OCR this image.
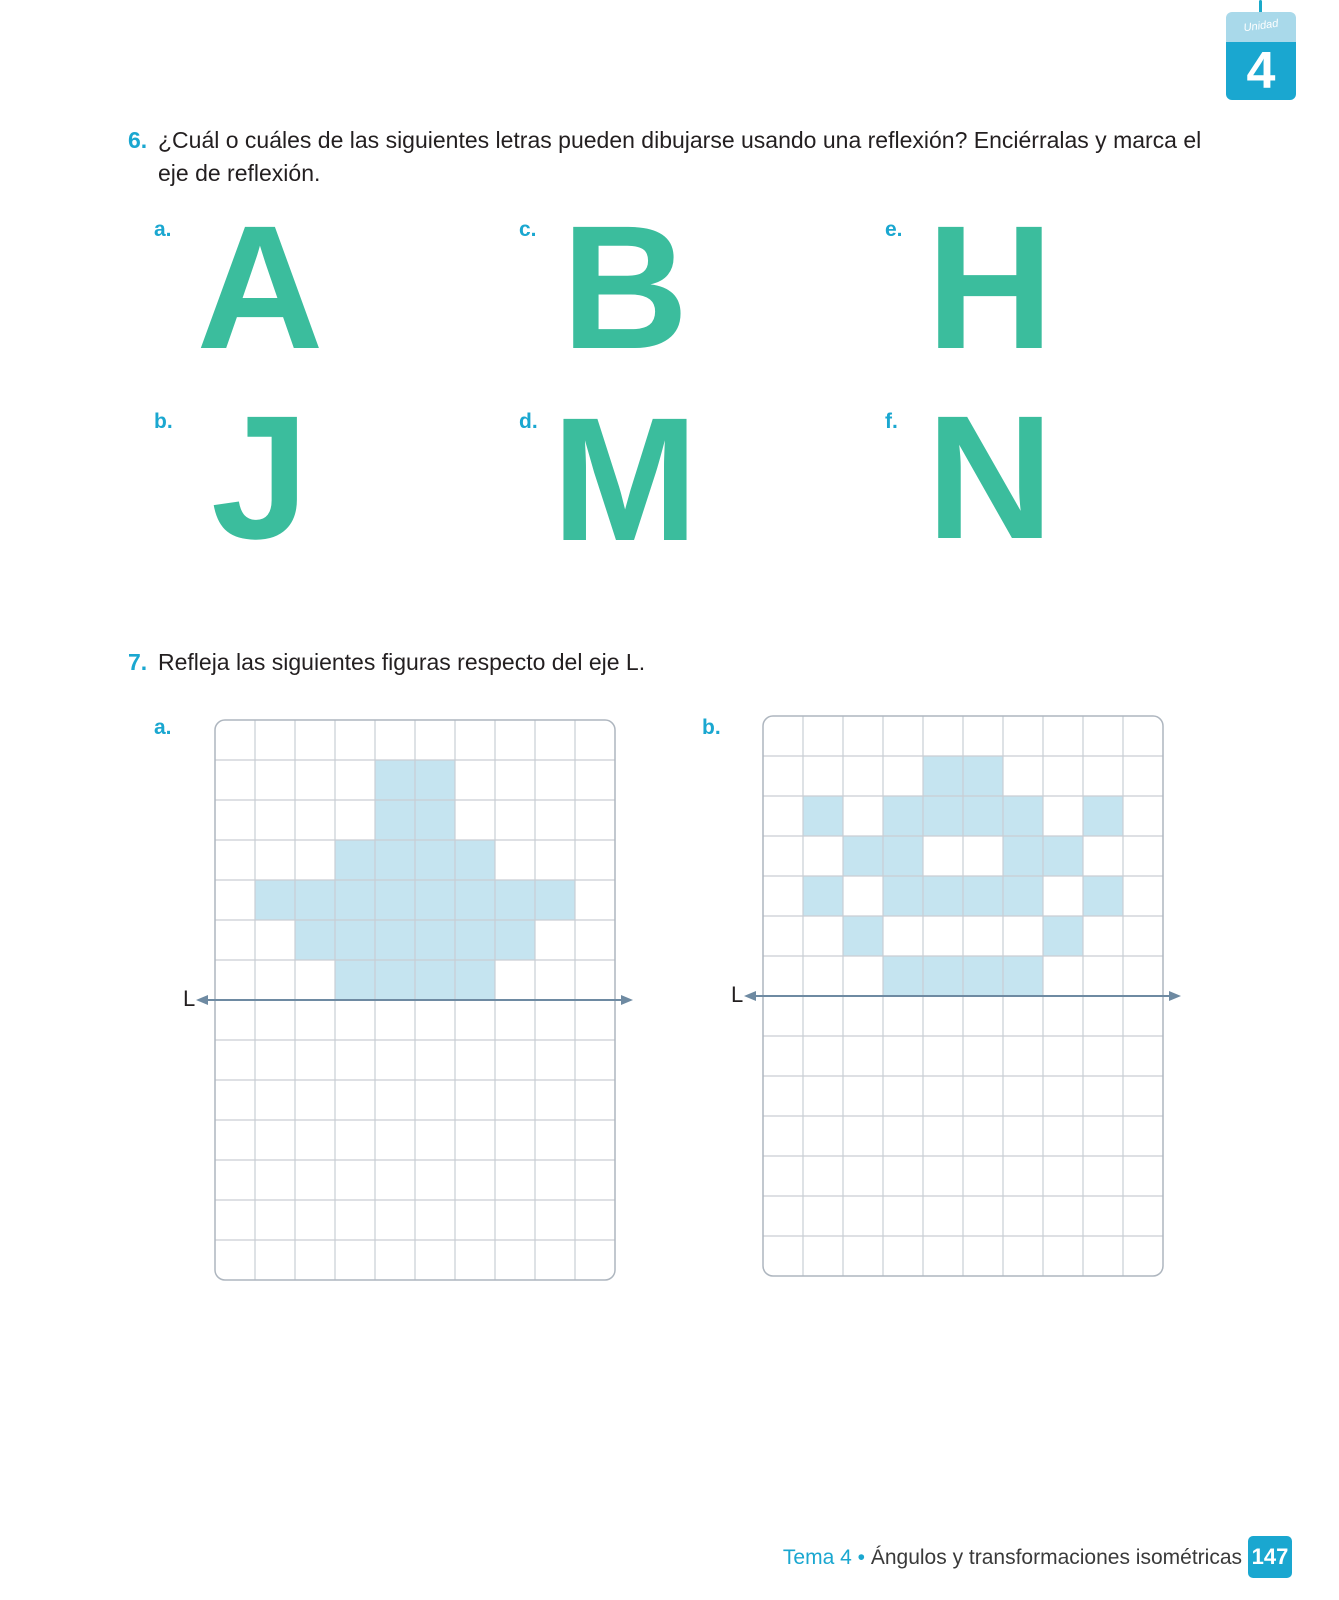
Unidad
4
6. ¿Cuál o cuáles de las siguientes letras pueden dibujarse usando una reflexión? Enciérralas y marca el eje de reflexión.
a. A
b. J
c. B
d. M
e. H
f. N
7. Refleja las siguientes figuras respecto del eje L.
a.	b.
L	L
Tema 4 • Ángulos y transformaciones isométricas 147
